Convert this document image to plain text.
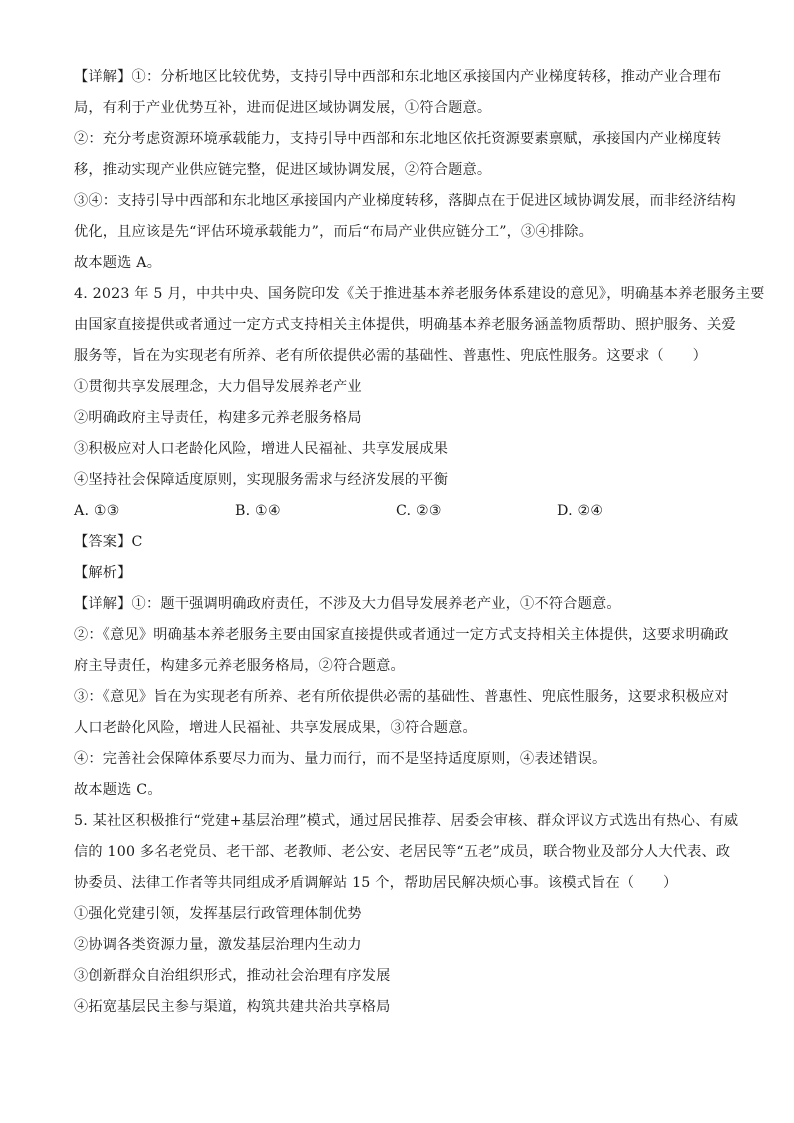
【详解】①：分析地区比较优势，支持引导中西部和东北地区承接国内产业梯度转移，推动产业合理布
局，有利于产业优势互补，进而促进区域协调发展，①符合题意。
②：充分考虑资源环境承载能力，支持引导中西部和东北地区依托资源要素禀赋，承接国内产业梯度转
移，推动实现产业供应链完整，促进区域协调发展，②符合题意。
③④：支持引导中西部和东北地区承接国内产业梯度转移，落脚点在于促进区域协调发展，而非经济结构
优化，且应该是先“评估环境承载能力”，而后“布局产业供应链分工”，③④排除。
故本题选 A。
4. 2023 年 5 月，中共中央、国务院印发《关于推进基本养老服务体系建设的意见》，明确基本养老服务主要
由国家直接提供或者通过一定方式支持相关主体提供，明确基本养老服务涵盖物质帮助、照护服务、关爱
服务等，旨在为实现老有所养、老有所依提供必需的基础性、普惠性、兜底性服务。这要求（　　）
①贯彻共享发展理念，大力倡导发展养老产业
②明确政府主导责任，构建多元养老服务格局
③积极应对人口老龄化风险，增进人民福祉、共享发展成果
④坚持社会保障适度原则，实现服务需求与经济发展的平衡
A. ①③	B. ①④	C. ②③	D. ②④
【答案】C
【解析】
【详解】①：题干强调明确政府责任，不涉及大力倡导发展养老产业，①不符合题意。
②：《意见》明确基本养老服务主要由国家直接提供或者通过一定方式支持相关主体提供，这要求明确政
府主导责任，构建多元养老服务格局，②符合题意。
③：《意见》旨在为实现老有所养、老有所依提供必需的基础性、普惠性、兜底性服务，这要求积极应对
人口老龄化风险，增进人民福祉、共享发展成果，③符合题意。
④：完善社会保障体系要尽力而为、量力而行，而不是坚持适度原则，④表述错误。
故本题选 C。
5. 某社区积极推行“党建+基层治理”模式，通过居民推荐、居委会审核、群众评议方式选出有热心、有威
信的 100 多名老党员、老干部、老教师、老公安、老居民等“五老”成员，联合物业及部分人大代表、政
协委员、法律工作者等共同组成矛盾调解站 15 个，帮助居民解决烦心事。该模式旨在（　　）
①强化党建引领，发挥基层行政管理体制优势
②协调各类资源力量，激发基层治理内生动力
③创新群众自治组织形式，推动社会治理有序发展
④拓宽基层民主参与渠道，构筑共建共治共享格局
